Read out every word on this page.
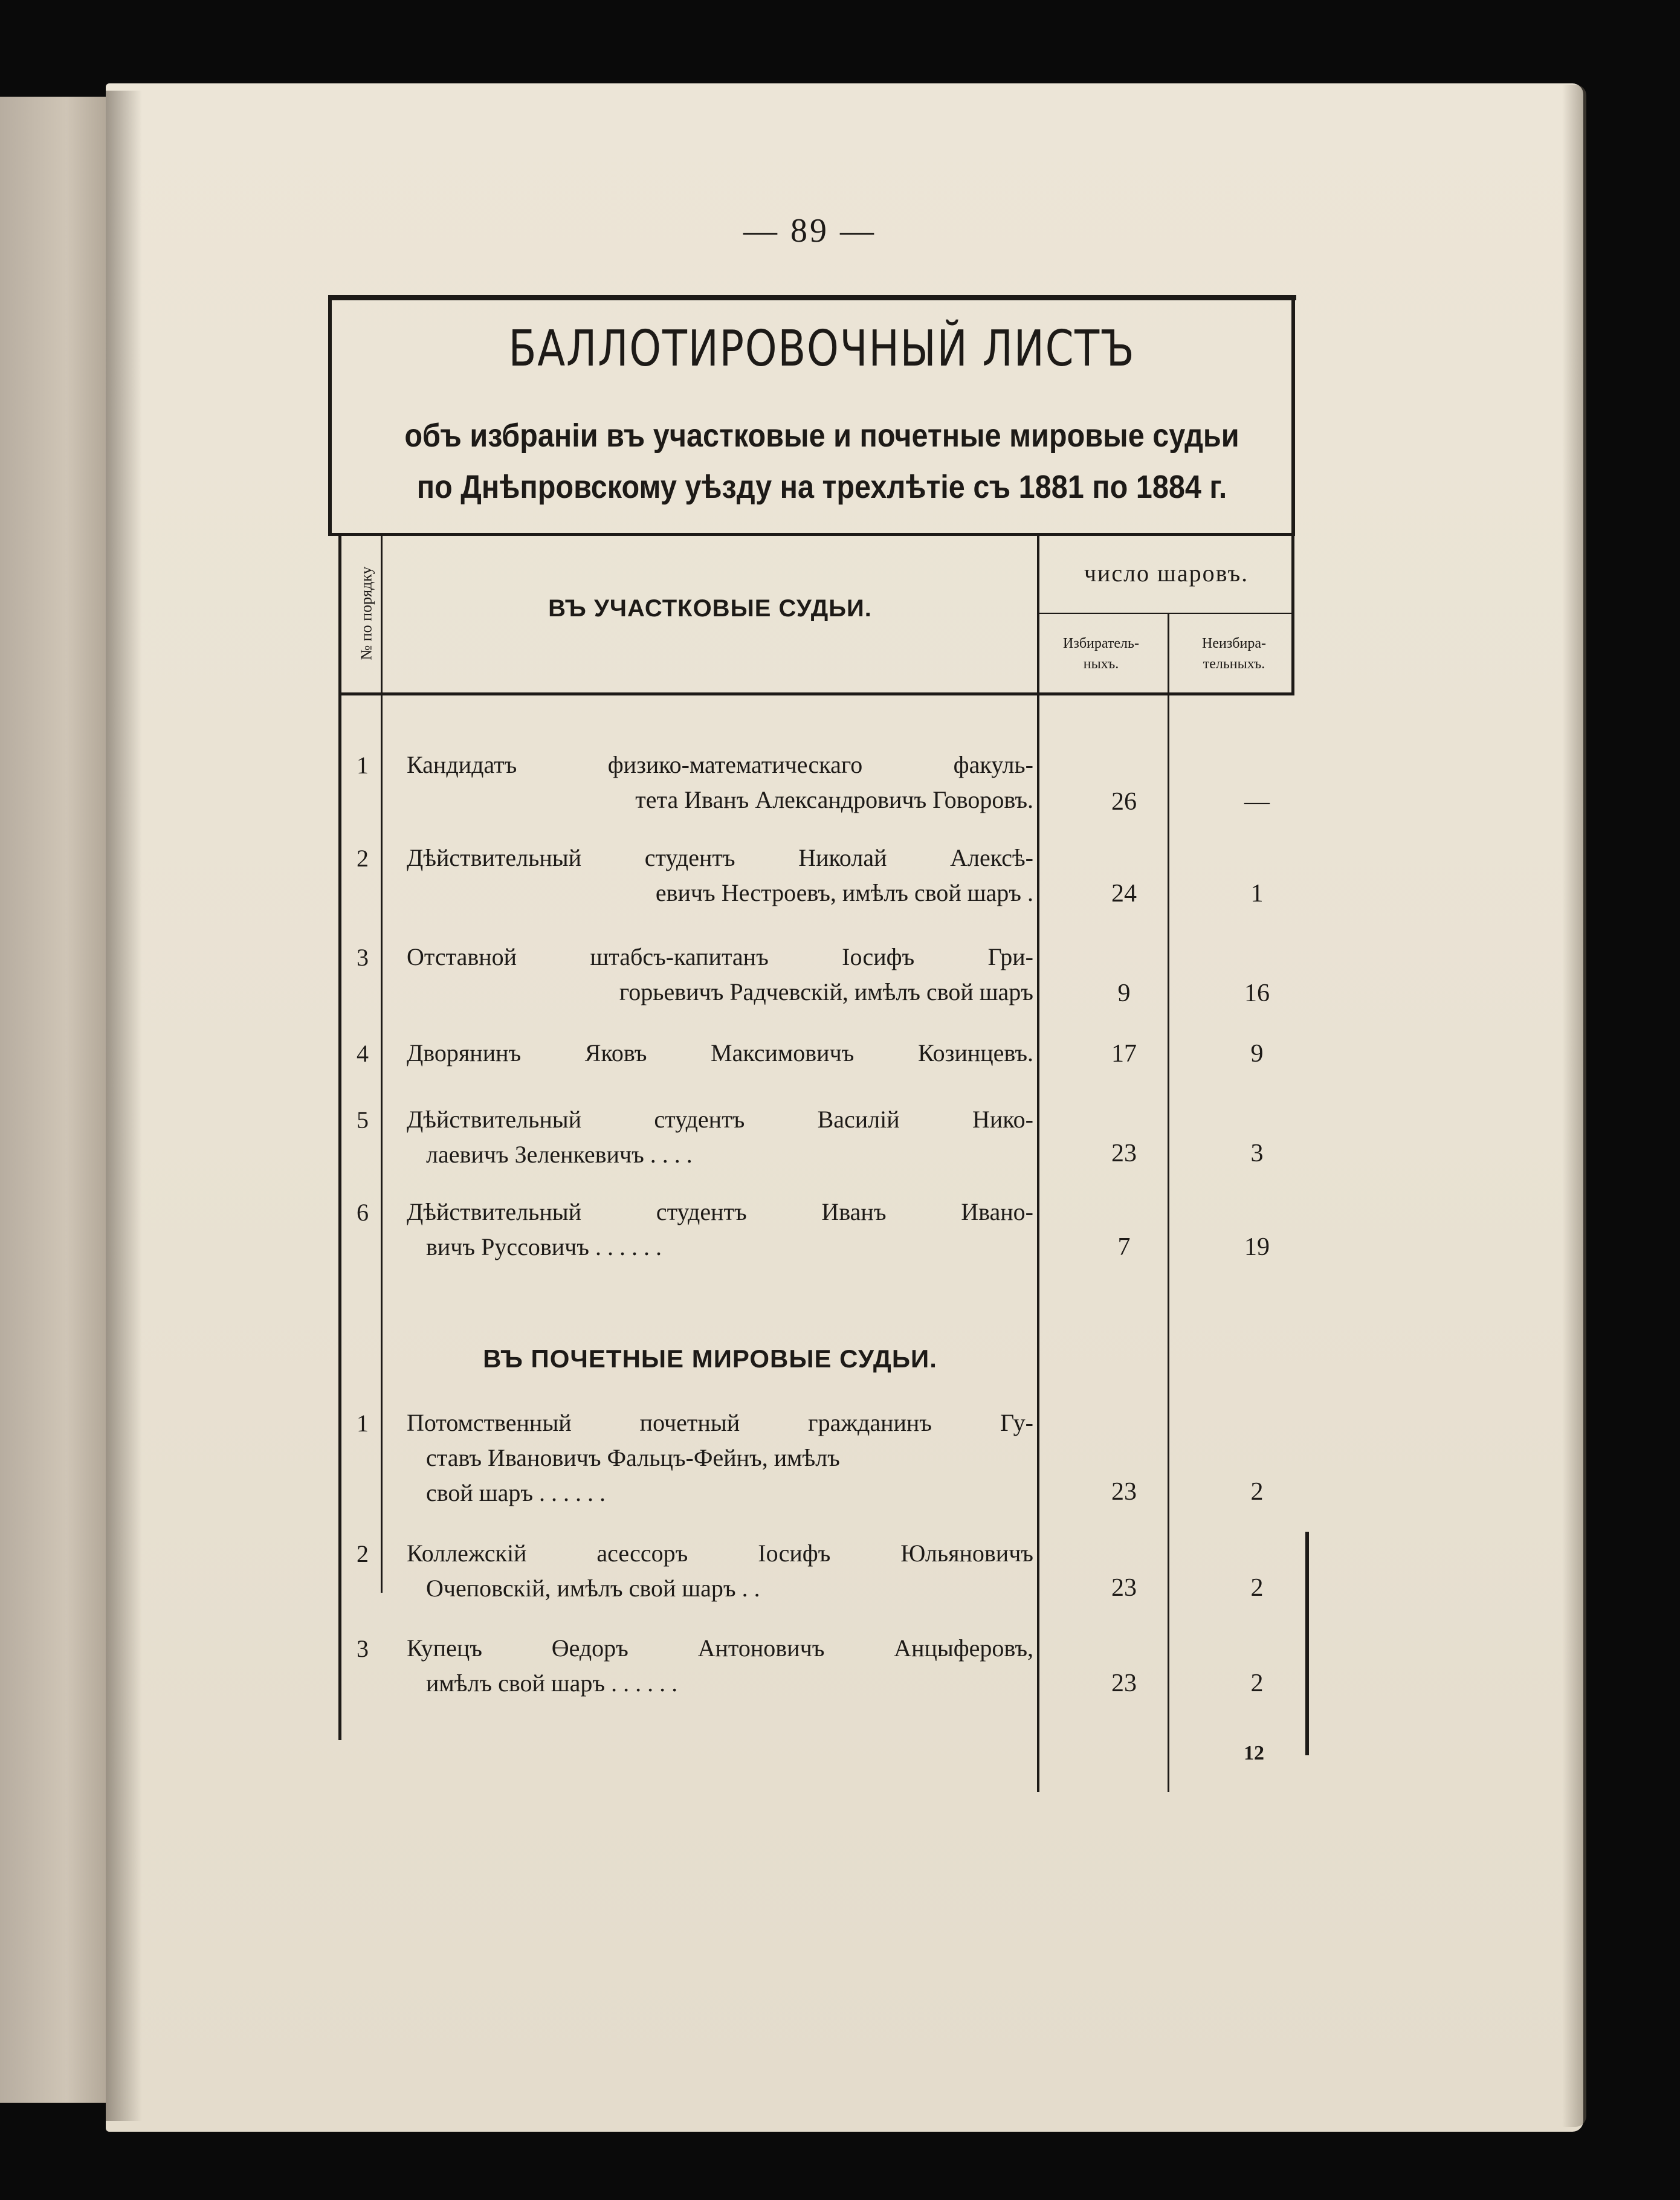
— 89 —
БАЛЛОТИРОВОЧНЫЙ ЛИСТЪ
объ избраніи въ участковые и почетные мировые судьи
по Днѣпровскому уѣзду на трехлѣтіе съ 1881 по 1884 г.
№ по порядку	ВЪ УЧАСТКОВЫЕ СУДЬИ.
число шаровъ.
Избиратель-
ныхъ.
Неизбира-
тельныхъ.
1	Кандидатъ физико-математическаго факуль-
тета Иванъ Александровичъ Говоровъ.	26	—
2	Дѣйствительный студентъ Николай Алексѣ-
евичъ Нестроевъ, имѣлъ свой шаръ .	24	1
3	Отставной штабсъ-капитанъ Іосифъ Гри-
горьевичъ Радчевскій, имѣлъ свой шаръ	9	16
4	Дворянинъ Яковъ Максимовичъ Козинцевъ.	17	9
5	Дѣйствительный студентъ Василій Нико-
лаевичъ Зеленкевичъ . . . .	23	3
6	Дѣйствительный студентъ Иванъ Ивано-
вичъ Руссовичъ . . . . . .	7	19
ВЪ ПОЧЕТНЫЕ МИРОВЫЕ СУДЬИ.
1	Потомственный почетный гражданинъ Гу-
ставъ Ивановичъ Фальцъ-Фейнъ, имѣлъ
свой шаръ . . . . . .	23	2
2	Коллежскій асессоръ Іосифъ Юльяновичъ
Очеповскій, имѣлъ свой шаръ . .	23	2
3	Купецъ Өедоръ Антоновичъ Анцыферовъ,
имѣлъ свой шаръ . . . . . .	23	2
12
